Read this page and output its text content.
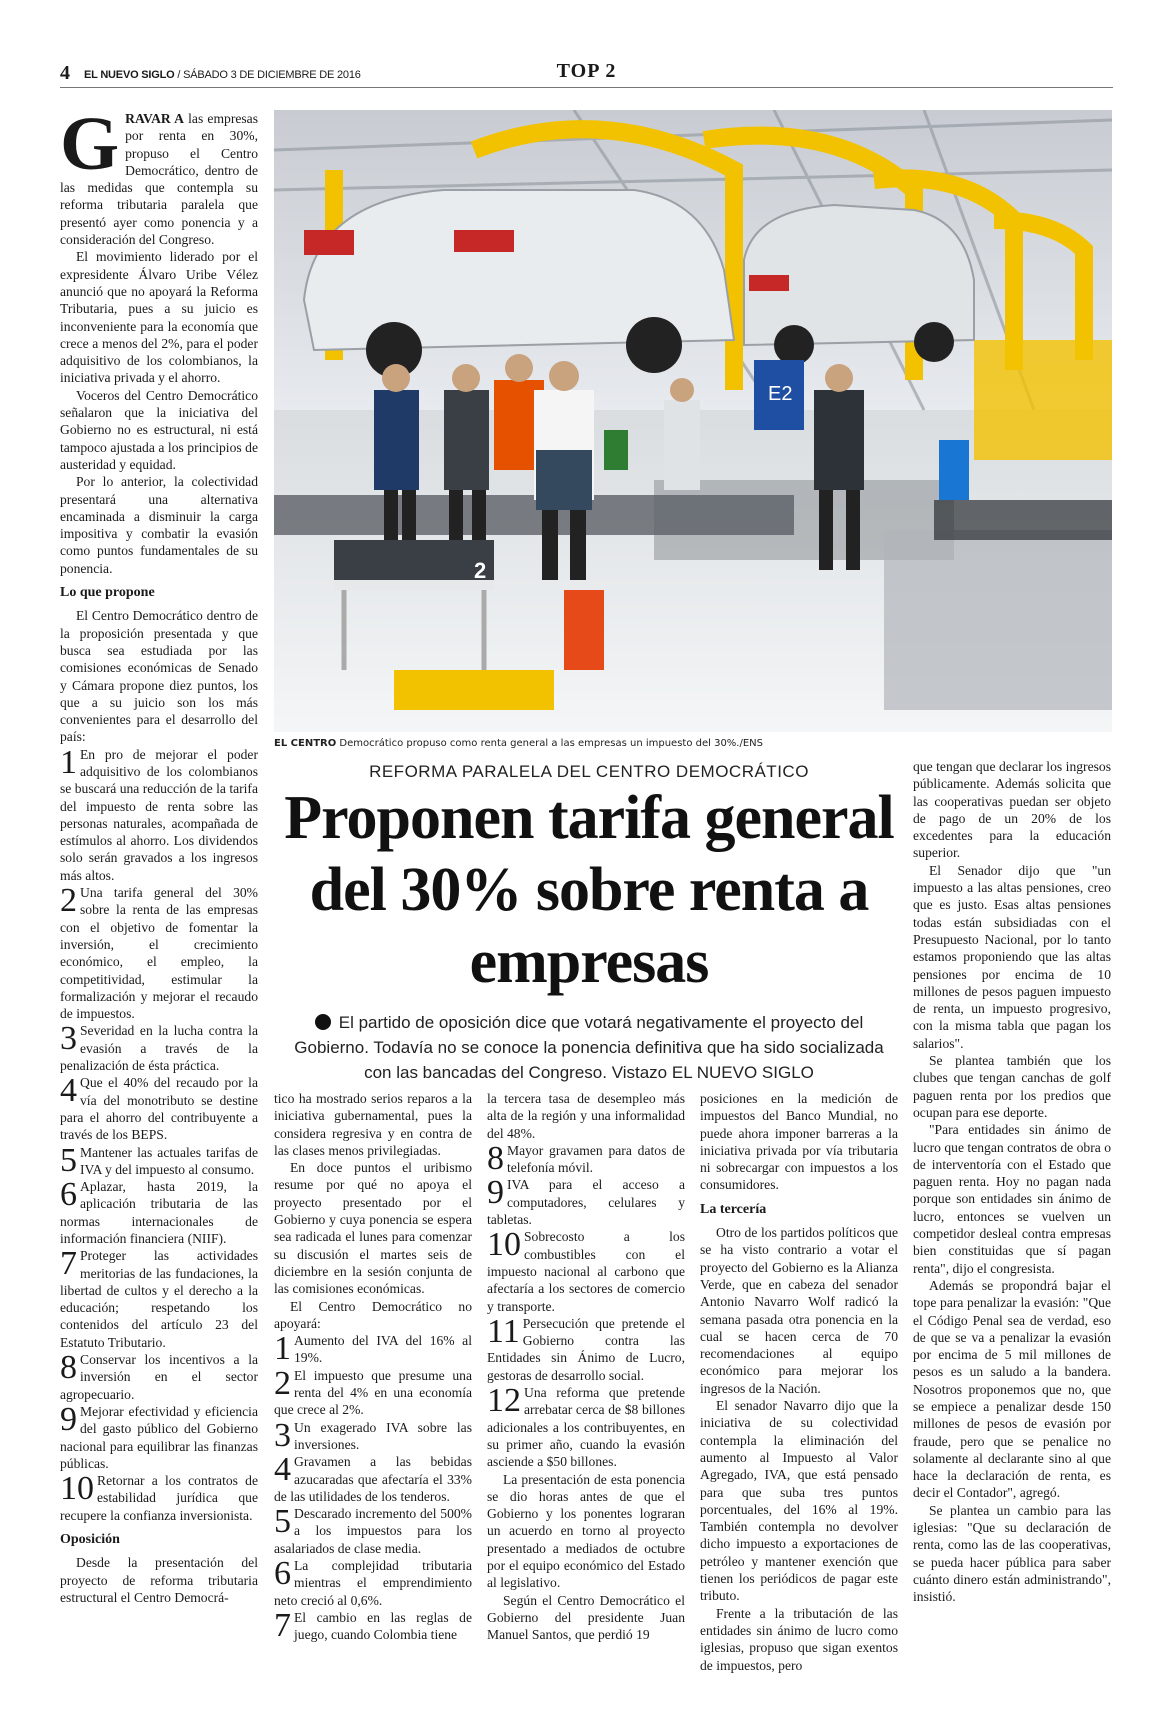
TOP 2
4 EL NUEVO SIGLO / SÁBADO 3 DE DICIEMBRE DE 2016

GRAVAR A las empresas por renta en 30%, propuso el Centro Democrático, dentro de las medidas que contempla su reforma tributaria paralela que presentó ayer como ponencia y a consideración del Congreso.

El movimiento liderado por el expresidente Álvaro Uribe Vélez anunció que no apoyará la Reforma Tributaria, pues a su juicio es inconveniente para la economía que crece a menos del 2%, para el poder adquisitivo de los colombianos, la iniciativa privada y el ahorro.

Voceros del Centro Democrático señalaron que la iniciativa del Gobierno no es estructural, ni está tampoco ajustada a los principios de austeridad y equidad.

Por lo anterior, la colectividad presentará una alternativa encaminada a disminuir la carga impositiva y combatir la evasión como puntos fundamentales de su ponencia.

Lo que propone

El Centro Democrático dentro de la proposición presentada y que busca sea estudiada por las comisiones económicas de Senado y Cámara propone diez puntos, los que a su juicio son los más convenientes para el desarrollo del país:

1 En pro de mejorar el poder adquisitivo de los colombianos se buscará una reducción de la tarifa del impuesto de renta sobre las personas naturales, acompañada de estímulos al ahorro. Los dividendos solo serán gravados a los ingresos más altos.
2 Una tarifa general del 30% sobre la renta de las empresas con el objetivo de fomentar la inversión, el crecimiento económico, el empleo, la competitividad, estimular la formalización y mejorar el recaudo de impuestos.
3 Severidad en la lucha contra la evasión a través de la penalización de ésta práctica.
4 Que el 40% del recaudo por la vía del monotributo se destine para el ahorro del contribuyente a través de los BEPS.
5 Mantener las actuales tarifas de IVA y del impuesto al consumo.
6 Aplazar, hasta 2019, la aplicación tributaria de las normas internacionales de información financiera (NIIF).
7 Proteger las actividades meritorias de las fundaciones, la libertad de cultos y el derecho a la educación; respetando los contenidos del artículo 23 del Estatuto Tributario.
8 Conservar los incentivos a la inversión en el sector agropecuario.
9 Mejorar efectividad y eficiencia del gasto público del Gobierno nacional para equilibrar las finanzas públicas.
10 Retornar a los contratos de estabilidad jurídica que recupere la confianza inversionista.
Oposición

Desde la presentación del proyecto de reforma tributaria estructural el Centro Democrá-

E2
2
EL CENTRO Democrático propuso como renta general a las empresas un impuesto del 30%./ENS
REFORMA PARALELA DEL CENTRO DEMOCRÁTICO
Proponen tarifa general del 30% sobre renta a empresas
El partido de oposición dice que votará negativamente el proyecto del Gobierno. Todavía no se conoce la ponencia definitiva que ha sido socializada con las bancadas del Congreso. Vistazo EL NUEVO SIGLO

tico ha mostrado serios reparos a la iniciativa gubernamental, pues la considera regresiva y en contra de las clases menos privilegiadas.

En doce puntos el uribismo resume por qué no apoya el proyecto presentado por el Gobierno y cuya ponencia se espera sea radicada el lunes para comenzar su discusión el martes seis de diciembre en la sesión conjunta de las comisiones económicas.

El Centro Democrático no apoyará:

1 Aumento del IVA del 16% al 19%.
2 El impuesto que presume una renta del 4% en una economía que crece al 2%.
3 Un exagerado IVA sobre las inversiones.
4 Gravamen a las bebidas azucaradas que afectaría el 33% de las utilidades de los tenderos.
5 Descarado incremento del 500% a los impuestos para los asalariados de clase media.
6 La complejidad tributaria mientras el emprendimiento neto creció al 0,6%.
7 El cambio en las reglas de juego, cuando Colombia tiene

la tercera tasa de desempleo más alta de la región y una informalidad del 48%.

8 Mayor gravamen para datos de telefonía móvil.
9 IVA para el acceso a computadores, celulares y tabletas.
10 Sobrecosto a los combustibles con el impuesto nacional al carbono que afectaría a los sectores de comercio y transporte.
11 Persecución que pretende el Gobierno contra las Entidades sin Ánimo de Lucro, gestoras de desarrollo social.
12 Una reforma que pretende arrebatar cerca de $8 billones adicionales a los contribuyentes, en su primer año, cuando la evasión asciende a $50 billones.

La presentación de esta ponencia se dio horas antes de que el Gobierno y los ponentes lograran un acuerdo en torno al proyecto presentado a mediados de octubre por el equipo económico del Estado al legislativo.

Según el Centro Democrático el Gobierno del presidente Juan Manuel Santos, que perdió 19

posiciones en la medición de impuestos del Banco Mundial, no puede ahora imponer barreras a la iniciativa privada por vía tributaria ni sobrecargar con impuestos a los consumidores.

La tercería

Otro de los partidos políticos que se ha visto contrario a votar el proyecto del Gobierno es la Alianza Verde, que en cabeza del senador Antonio Navarro Wolf radicó la semana pasada otra ponencia en la cual se hacen cerca de 70 recomendaciones al equipo económico para mejorar los ingresos de la Nación.

El senador Navarro dijo que la iniciativa de su colectividad contempla la eliminación del aumento al Impuesto al Valor Agregado, IVA, que está pensado para que suba tres puntos porcentuales, del 16% al 19%. También contempla no devolver dicho impuesto a exportaciones de petróleo y mantener exención que tienen los periódicos de pagar este tributo.

Frente a la tributación de las entidades sin ánimo de lucro como iglesias, propuso que sigan exentos de impuestos, pero

que tengan que declarar los ingresos públicamente. Además solicita que las cooperativas puedan ser objeto de pago de un 20% de los excedentes para la educación superior.

El Senador dijo que "un impuesto a las altas pensiones, creo que es justo. Esas altas pensiones todas están subsidiadas con el Presupuesto Nacional, por lo tanto estamos proponiendo que las altas pensiones por encima de 10 millones de pesos paguen impuesto de renta, un impuesto progresivo, con la misma tabla que pagan los salarios".

Se plantea también que los clubes que tengan canchas de golf paguen renta por los predios que ocupan para ese deporte.

"Para entidades sin ánimo de lucro que tengan contratos de obra o de interventoría con el Estado que paguen renta. Hoy no pagan nada porque son entidades sin ánimo de lucro, entonces se vuelven un competidor desleal contra empresas bien constituidas que sí pagan renta", dijo el congresista.

Además se propondrá bajar el tope para penalizar la evasión: "Que el Código Penal sea de verdad, eso de que se va a penalizar la evasión por encima de 5 mil millones de pesos es un saludo a la bandera. Nosotros proponemos que no, que se empiece a penalizar desde 150 millones de pesos de evasión por fraude, pero que se penalice no solamente al declarante sino al que hace la declaración de renta, es decir el Contador", agregó.

Se plantea un cambio para las iglesias: "Que su declaración de renta, como las de las cooperativas, se pueda hacer pública para saber cuánto dinero están administrando", insistió.
